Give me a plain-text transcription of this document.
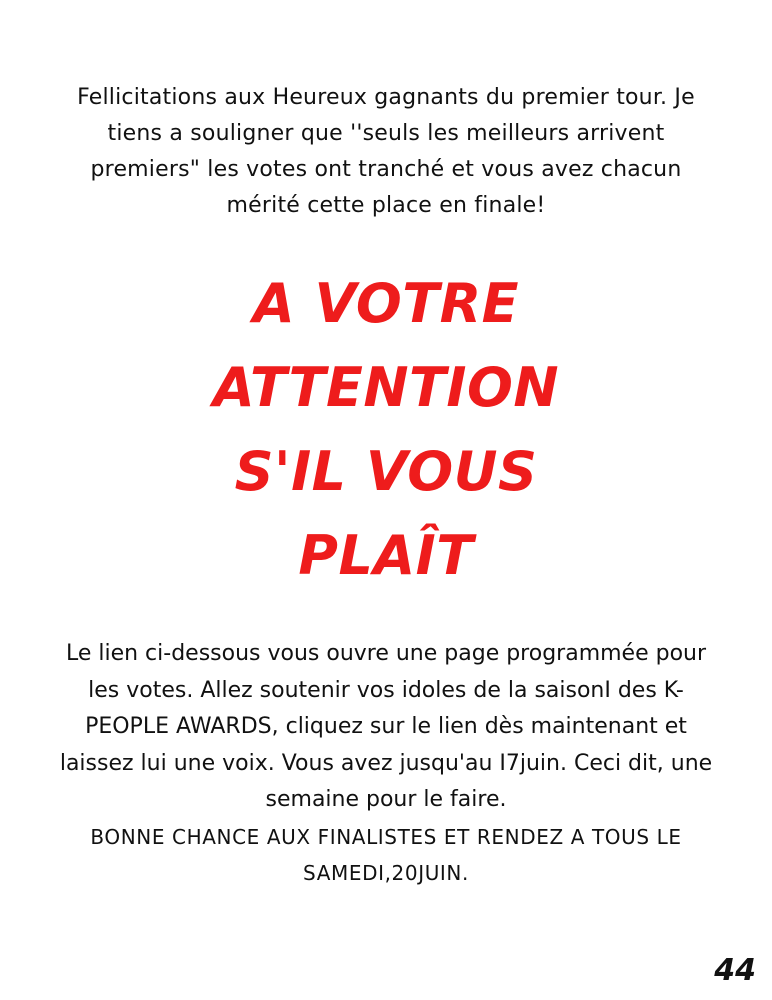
Fellicitations aux Heureux gagnants du premier tour. Je tiens a souligner que ''seuls les meilleurs arrivent premiers" les votes ont tranché et vous avez chacun mérité cette place en finale!

A VOTRE
ATTENTION
S'IL VOUS
PLAÎT

Le lien ci-dessous vous ouvre une page programmée pour les votes. Allez soutenir vos idoles de la saisonI des K-PEOPLE AWARDS, cliquez sur le lien dès maintenant et laissez lui une voix. Vous avez jusqu'au I7juin. Ceci dit, une semaine pour le faire.

BONNE CHANCE AUX FINALISTES ET RENDEZ A TOUS LE SAMEDI,20JUIN.

44
